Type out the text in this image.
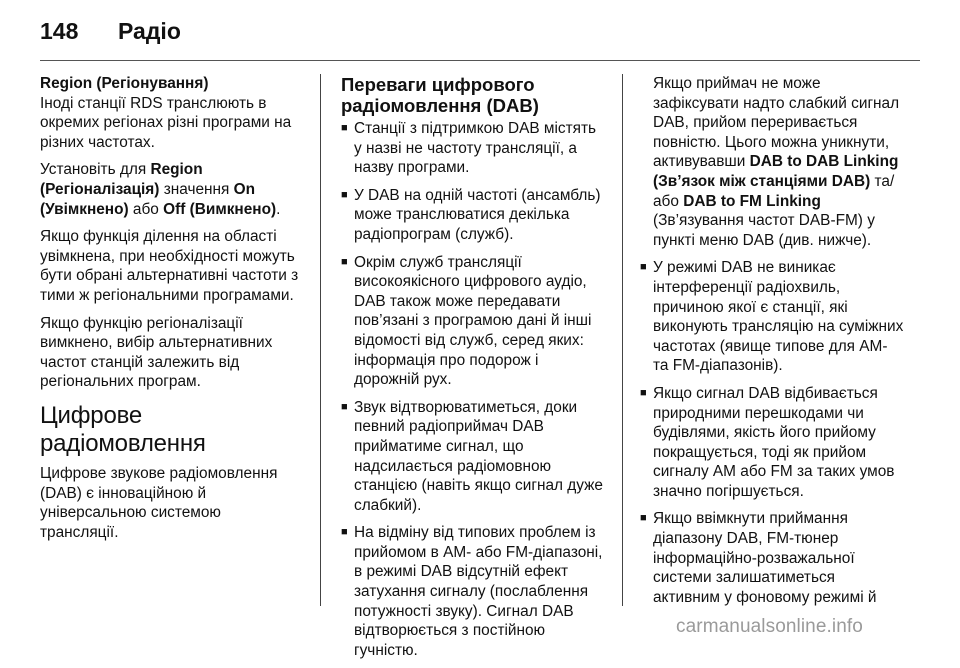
148 Радіо
Region (Регіонування)

Іноді станції RDS транслюють в окремих регіонах різні програми на різних частотах.

Установіть для Region (Регіоналізація) значення On (Увімкнено) або Off (Вимкнено).

Якщо функція ділення на області увімкнена, при необхідності можуть бути обрані альтернативні частоти з тими ж регіональними програмами.

Якщо функцію регіоналізації вимкнено, вибір альтернативних частот станцій залежить від регіональних програм.

Цифрове радіомовлення

Цифрове звукове радіомовлення (DAB) є інноваційною й універсальною системою трансляції.

Переваги цифрового радіомовлення (DAB)
■ Станції з підтримкою DAB містять у назві не частоту трансляції, а назву програми.
■ У DAB на одній частоті (ансамбль) може транслюватися декілька радіопрограм (служб).
■ Окрім служб трансляції високоякісного цифрового аудіо, DAB також може передавати пов’язані з програмою дані й інші відомості від служб, серед яких: інформація про подорож і дорожній рух.
■ Звук відтворюватиметься, доки певний радіоприймач DAB прийматиме сигнал, що надсилається радіомовною станцією (навіть якщо сигнал дуже слабкий).
■ На відміну від типових проблем із прийомом в АМ- або FM-діапазоні, в режимі DAB відсутній ефект затухання сигналу (послаблення потужності звуку). Сигнал DAB відтворюється з постійною гучністю.

Якщо приймач не може зафіксувати надто слабкий сигнал DAB, прийом переривається повністю. Цього можна уникнути, активувавши DAB to DAB Linking (Зв’язок між станціями DAB) та/або DAB to FM Linking (Зв’язування частот DAB-FM) у пункті меню DAB (див. нижче).

■ У режимі DAB не виникає інтерференції радіохвиль, причиною якої є станції, які виконують трансляцію на суміжних частотах (явище типове для АМ- та FM-діапазонів).
■ Якщо сигнал DAB відбивається природними перешкодами чи будівлями, якість його прийому покращується, тоді як прийом сигналу АМ або FM за таких умов значно погіршується.
■ Якщо ввімкнути приймання діапазону DAB, FM-тюнер інформаційно-розважальної системи залишатиметься активним у фоновому режимі й
carmanualsonline.info
